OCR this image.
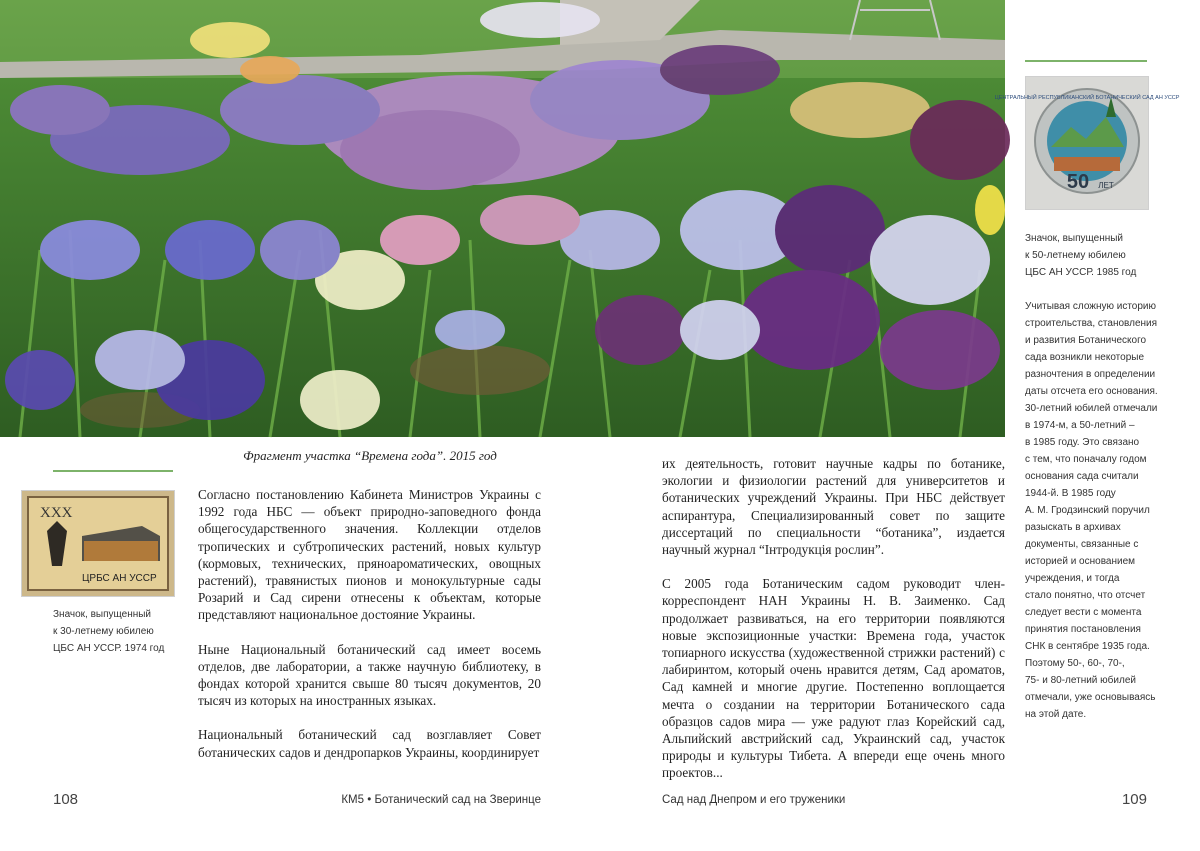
Фрагмент участка “Времена года”. 2015 год
ХХХ
ЦРБС АН УССР
Значок, выпущенный
к 30-летнему юбилею
ЦБС АН УССР. 1974 год

Согласно постановлению Кабинета Министров Украины с 1992 года НБС — объект природно-заповедного фонда общегосударственного значения. Коллекции отделов тропических и субтропических растений, новых культур (кормовых, технических, пряноароматических, овощных растений), травянистых пионов и монокультурные сады Розарий и Сад сирени отнесены к объектам, которые представляют национальное достояние Украины.

Ныне Национальный ботанический сад имеет восемь отделов, две лаборатории, а также научную библиотеку, в фондах которой хранится свыше 80 тысяч документов, 20 тысяч из которых на иностранных языках.

Национальный ботанический сад возглавляет Совет ботанических садов и дендропарков Украины, координирует

их деятельность, готовит научные кадры по ботанике, экологии и физиологии растений для университетов и ботанических учреждений Украины. При НБС действует аспирантура, Специализированный совет по защите диссертаций по специальности “ботаника”, издается научный журнал “Інтродукція рослин”.

С 2005 года Ботаническим садом руководит член-корреспондент НАН Украины Н. В. Заименко. Сад продолжает развиваться, на его территории появляются новые экспозиционные участки: Времена года, участок топиарного искусства (художественной стрижки растений) с лабиринтом, который очень нравится детям, Сад ароматов, Сад камней и многие другие. Постепенно воплощается мечта о создании на территории Ботанического сада образцов садов мира — уже радуют глаз Корейский сад, Альпийский австрийский сад, Украинский сад, участок природы и культуры Тибета. А впереди еще очень много проектов...

ЦЕНТРАЛЬНЫЙ РЕСПУБЛИКАНСКИЙ БОТАНИЧЕСКИЙ САД АН УССР
50 ЛЕТ
Значок, выпущенный
к 50-летнему юбилею
ЦБС АН УССР. 1985 год
Учитывая сложную историю
строительства, становления
и развития Ботанического
сада возникли некоторые
разночтения в определении
даты отсчета его основания.
30-летний юбилей отмечали
в 1974-м, а 50-летний –
в 1985 году. Это связано
с тем, что поначалу годом
основания сада считали
1944-й. В 1985 году
А. М. Гродзинский поручил
разыскать в архивах
документы, связанные с
историей и основанием
учреждения, и тогда
стало понятно, что отсчет
следует вести с момента
принятия постановления
СНК в сентябре 1935 года.
Поэтому 50-, 60-, 70-,
75- и 80-летний юбилей
отмечали, уже основываясь
на этой дате.
108	КМ5 • Ботанический сад на Зверинце	Сад над Днепром и его труженики	109
